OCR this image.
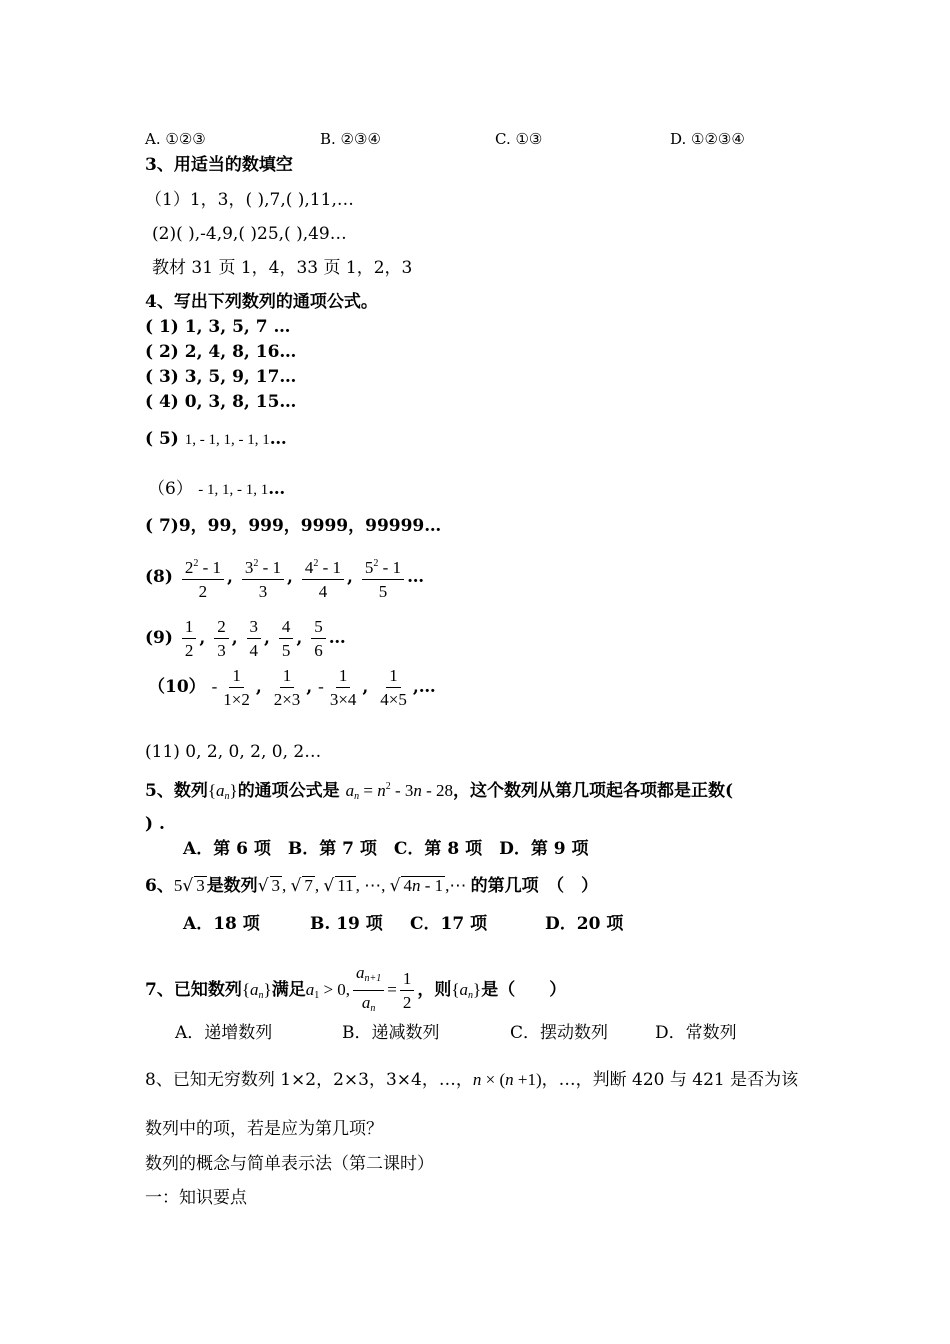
A. ①②③	B. ②③④	C. ①③	D. ①②③④
3、用适当的数填空
（1）1，3，( ),7,( ),11,…
(2)( ),-4,9,( )25,( ),49…
教材 31 页 1，4，33 页 1，2，3
4、写出下列数列的通项公式。
( 1) 1, 3, 5, 7 …
( 2) 2, 4, 8, 16…
( 3) 3, 5, 9, 17…
( 4) 0, 3, 8, 15…
( 5) 1, - 1, 1, - 1, 1…
（6） - 1, 1, - 1, 1…
( 7)9，99，999，9999，99999…
$(8) \frac{2^2 - 1}{2}$ , $\frac{3^2 - 1}{3}$ , $\frac{4^2 - 1}{4}$ , $\frac{5^2 - 1}{5}$ …
$(9) \frac{1}{2}$ , $\frac{2}{3}$ , $\frac{3}{4}$ , $\frac{4}{5}$ , $\frac{5}{6}$ …
$(10) - \frac{1}{1\times 2}$ , $\frac{1}{2\times 3}$ , - $\frac{1}{3\times 4}$ , $\frac{1}{4\times 5}$ ,…
(11) 0, 2, 0, 2, 0, 2…
5、数列$\{a_n\}$的通项公式是 $a_n = n^2 - 3n - 28$，这个数列从第几项起各项都是正数(
) .
A．第 6 项　B．第 7 项　C．第 8 项　D．第 9 项
6、5√ 3 是数列√ 3 , √ 7 , √ 11 , ⋯, √ 4n - 1 ,⋯ 的第几项　（　）
A．18 项	B. 19 项 C．17 项	D．20 项
7、已知数列$\{a_n\}$满足$a_1 > 0$, $\frac{a_{n+1}}{a_n} = \frac{1}{2}$ ，则$\{a_n\}$是（　　）
A．递增数列	B．递减数列	C．摆动数列	D．常数列
8、已知无穷数列 1×2，2×3，3×4，…，n × (n +1)，…，判断 420 与 421 是否为该
数列中的项，若是应为第几项？
数列的概念与简单表示法（第二课时）
一：知识要点
